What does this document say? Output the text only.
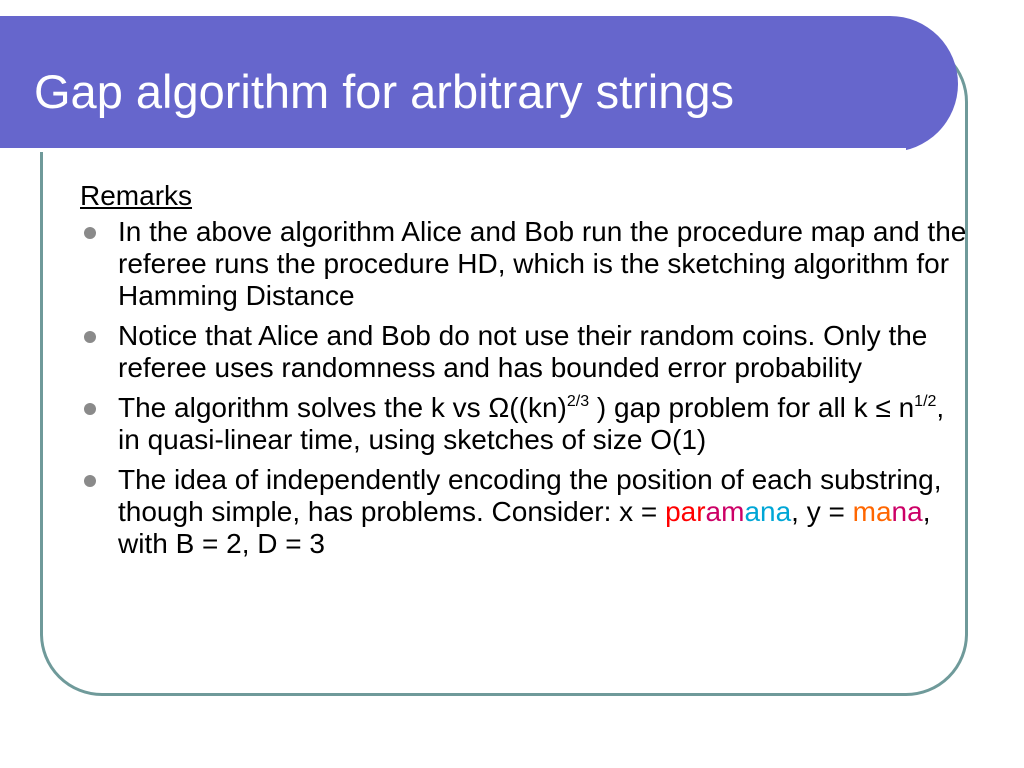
Gap algorithm for arbitrary strings
Remarks
In the above algorithm Alice and Bob run the procedure map and the referee runs the procedure HD, which is the sketching algorithm for Hamming Distance
Notice that Alice and Bob do not use their random coins. Only the referee uses randomness and has bounded error probability
The algorithm solves the k vs Ω((kn)$^{2/3}$ ) gap problem for all $k \le n^{1/2}$, in quasi-linear time, using sketches of size O(1)
The idea of independently encoding the position of each substring, though simple, has problems. Consider: x = paramana, y = mana, with B = 2, D = 3
